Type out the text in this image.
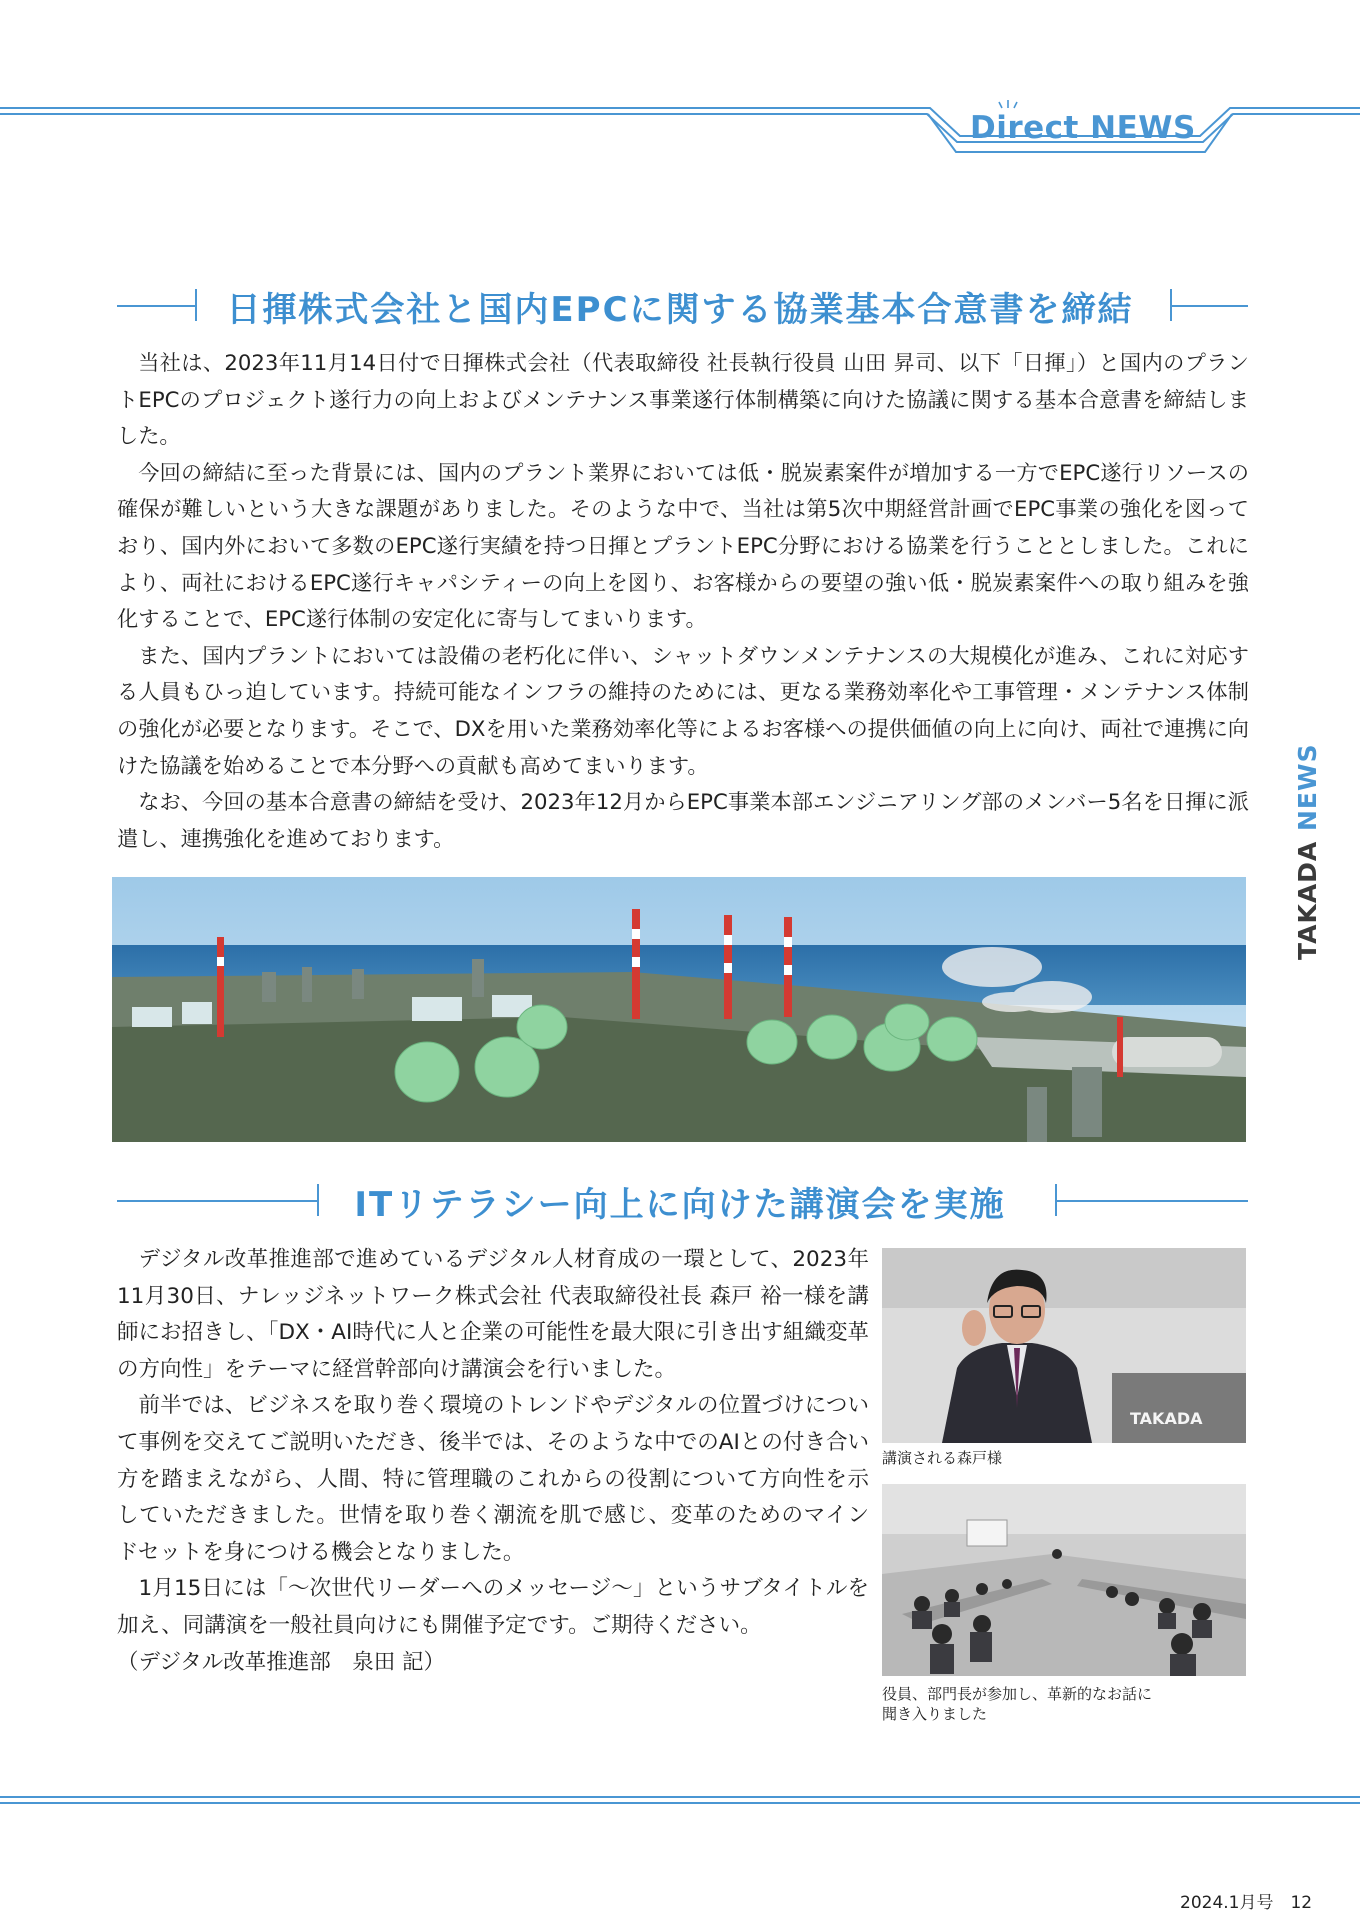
Direct NEWS
日揮株式会社と国内EPCに関する協業基本合意書を締結

当社は、2023年11月14日付で日揮株式会社（代表取締役 社長執行役員 山田 昇司、以下「日揮」）と国内のプラントEPCのプロジェクト遂行力の向上およびメンテナンス事業遂行体制構築に向けた協議に関する基本合意書を締結しました。

今回の締結に至った背景には、国内のプラント業界においては低・脱炭素案件が増加する一方でEPC遂行リソースの確保が難しいという大きな課題がありました。そのような中で、当社は第5次中期経営計画でEPC事業の強化を図っており、国内外において多数のEPC遂行実績を持つ日揮とプラントEPC分野における協業を行うこととしました。これにより、両社におけるEPC遂行キャパシティーの向上を図り、お客様からの要望の強い低・脱炭素案件への取り組みを強化することで、EPC遂行体制の安定化に寄与してまいります。

また、国内プラントにおいては設備の老朽化に伴い、シャットダウンメンテナンスの大規模化が進み、これに対応する人員もひっ迫しています。持続可能なインフラの維持のためには、更なる業務効率化や工事管理・メンテナンス体制の強化が必要となります。そこで、DXを用いた業務効率化等によるお客様への提供価値の向上に向け、両社で連携に向けた協議を始めることで本分野への貢献も高めてまいります。

なお、今回の基本合意書の締結を受け、2023年12月からEPC事業本部エンジニアリング部のメンバー5名を日揮に派遣し、連携強化を進めております。

ITリテラシー向上に向けた講演会を実施

デジタル改革推進部で進めているデジタル人材育成の一環として、2023年11月30日、ナレッジネットワーク株式会社 代表取締役社長 森戸 裕一様を講師にお招きし、「DX・AI時代に人と企業の可能性を最大限に引き出す組織変革の方向性」をテーマに経営幹部向け講演会を行いました。

前半では、ビジネスを取り巻く環境のトレンドやデジタルの位置づけについて事例を交えてご説明いただき、後半では、そのような中でのAIとの付き合い方を踏まえながら、人間、特に管理職のこれからの役割について方向性を示していただきました。世情を取り巻く潮流を肌で感じ、変革のためのマインドセットを身につける機会となりました。

1月15日には「～次世代リーダーへのメッセージ～」というサブタイトルを加え、同講演を一般社員向けにも開催予定です。ご期待ください。

（デジタル改革推進部　泉田 記）

TAKADA
講演される森戸様
役員、部門長が参加し、革新的なお話に
聞き入りました
TAKADA NEWS
2024.1月号　12
